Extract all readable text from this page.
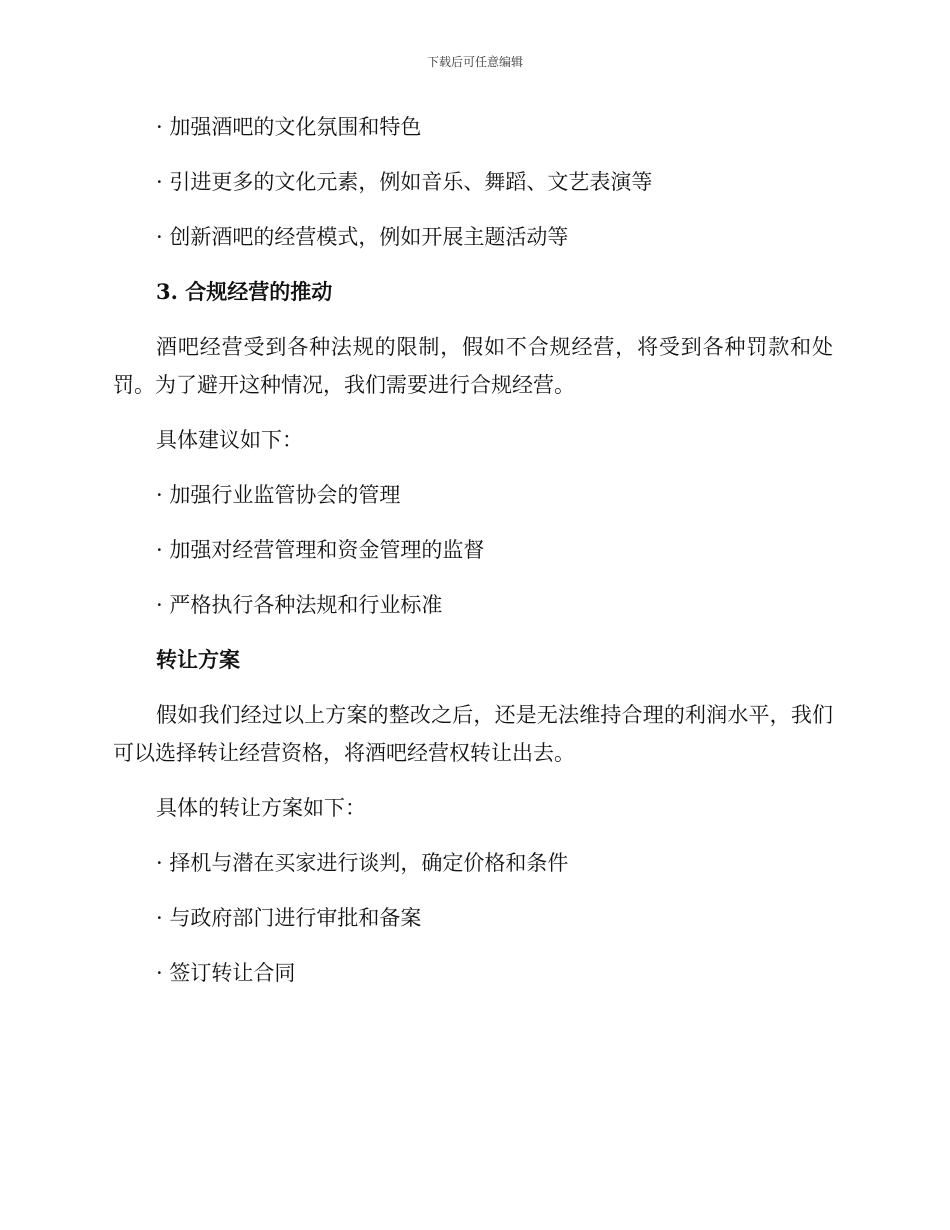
下载后可任意编辑
· 加强酒吧的文化氛围和特色
· 引进更多的文化元素，例如音乐、舞蹈、文艺表演等
· 创新酒吧的经营模式，例如开展主题活动等
3. 合规经营的推动
酒吧经营受到各种法规的限制，假如不合规经营，将受到各种罚款和处罚。为了避开这种情况，我们需要进行合规经营。
具体建议如下：
· 加强行业监管协会的管理
· 加强对经营管理和资金管理的监督
· 严格执行各种法规和行业标准
转让方案
假如我们经过以上方案的整改之后，还是无法维持合理的利润水平，我们可以选择转让经营资格，将酒吧经营权转让出去。
具体的转让方案如下：
· 择机与潜在买家进行谈判，确定价格和条件
· 与政府部门进行审批和备案
· 签订转让合同
